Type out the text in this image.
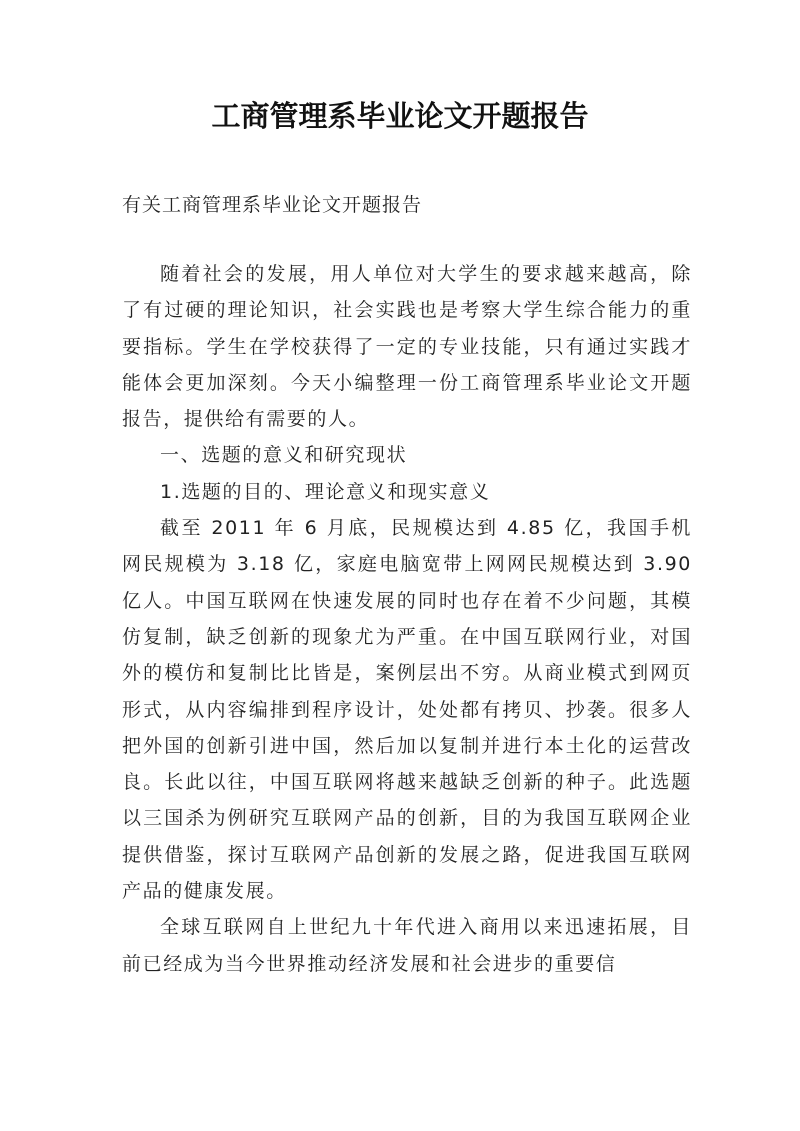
工商管理系毕业论文开题报告
有关工商管理系毕业论文开题报告

随着社会的发展，用人单位对大学生的要求越来越高，除了有过硬的理论知识，社会实践也是考察大学生综合能力的重要指标。学生在学校获得了一定的专业技能，只有通过实践才能体会更加深刻。今天小编整理一份工商管理系毕业论文开题报告，提供给有需要的人。

一、选题的意义和研究现状

1.选题的目的、理论意义和现实意义

截至 2011 年 6 月底，民规模达到 4.85 亿，我国手机网民规模为 3.18 亿，家庭电脑宽带上网网民规模达到 3.90 亿人。中国互联网在快速发展的同时也存在着不少问题，其模仿复制，缺乏创新的现象尤为严重。在中国互联网行业，对国外的模仿和复制比比皆是，案例层出不穷。从商业模式到网页形式，从内容编排到程序设计，处处都有拷贝、抄袭。很多人把外国的创新引进中国，然后加以复制并进行本土化的运营改良。长此以往，中国互联网将越来越缺乏创新的种子。此选题以三国杀为例研究互联网产品的创新，目的为我国互联网企业提供借鉴，探讨互联网产品创新的发展之路，促进我国互联网产品的健康发展。

全球互联网自上世纪九十年代进入商用以来迅速拓展，目前已经成为当今世界推动经济发展和社会进步的重要信
